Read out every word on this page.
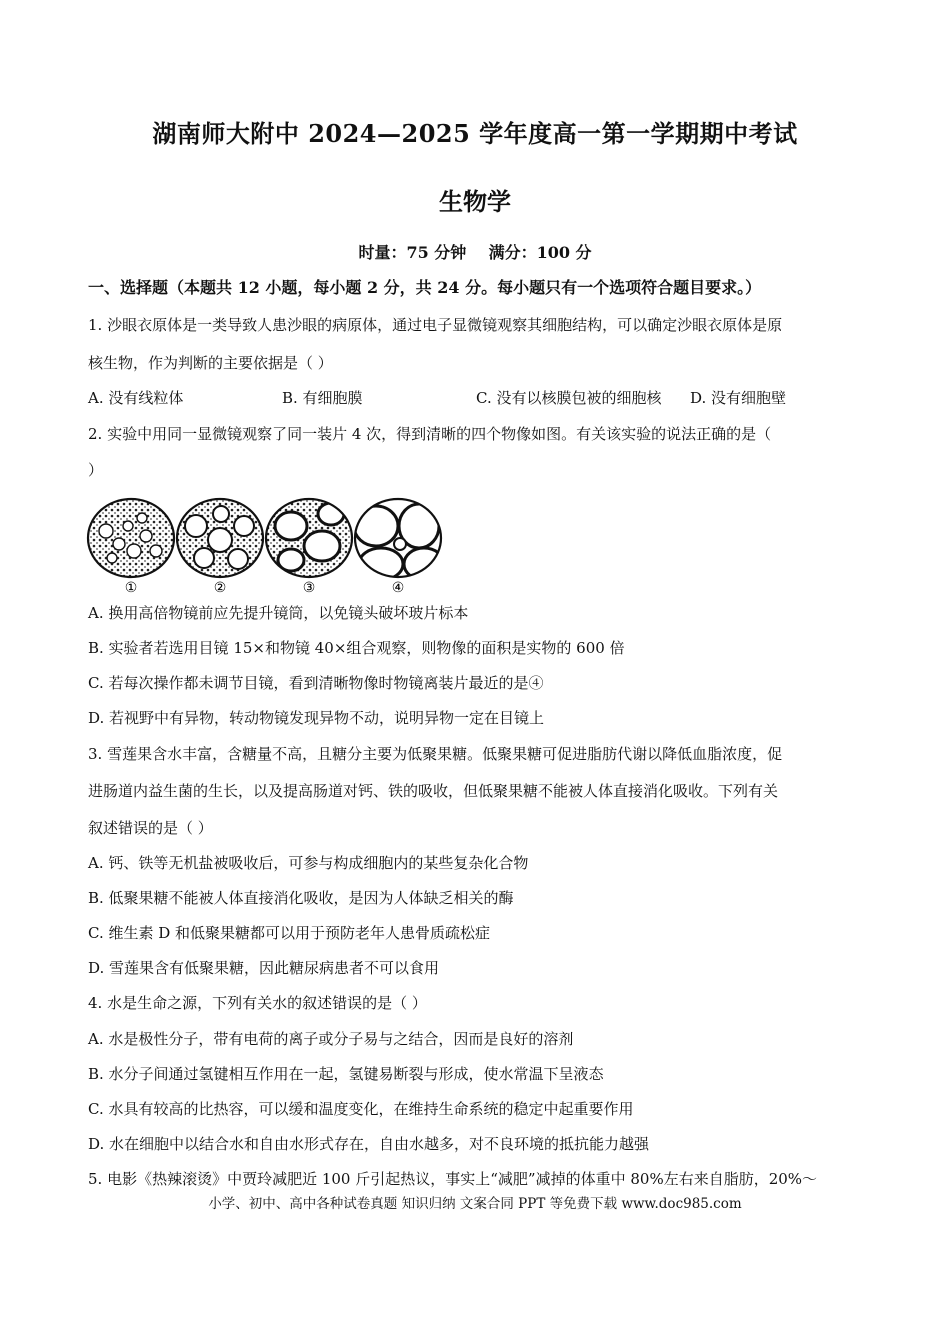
湖南师大附中 2024—2025 学年度高一第一学期期中考试
生物学
时量：75 分钟    满分：100 分
一、选择题（本题共 12 小题，每小题 2 分，共 24 分。每小题只有一个选项符合题目要求。）
1. 沙眼衣原体是一类导致人患沙眼的病原体，通过电子显微镜观察其细胞结构，可以确定沙眼衣原体是原
核生物，作为判断的主要依据是（ ）
A. 没有线粒体	B. 有细胞膜	C. 没有以核膜包被的细胞核 D. 没有细胞壁
2. 实验中用同一显微镜观察了同一装片 4 次，得到清晰的四个物像如图。有关该实验的说法正确的是（
）
①	②	③	④
A. 换用高倍物镜前应先提升镜筒，以免镜头破坏玻片标本
B. 实验者若选用目镜 15×和物镜 40×组合观察，则物像的面积是实物的 600 倍
C. 若每次操作都未调节目镜，看到清晰物像时物镜离装片最近的是④
D. 若视野中有异物，转动物镜发现异物不动，说明异物一定在目镜上
3. 雪莲果含水丰富，含糖量不高，且糖分主要为低聚果糖。低聚果糖可促进脂肪代谢以降低血脂浓度，促
进肠道内益生菌的生长，以及提高肠道对钙、铁的吸收，但低聚果糖不能被人体直接消化吸收。下列有关
叙述错误的是（ ）
A. 钙、铁等无机盐被吸收后，可参与构成细胞内的某些复杂化合物
B. 低聚果糖不能被人体直接消化吸收，是因为人体缺乏相关的酶
C. 维生素 D 和低聚果糖都可以用于预防老年人患骨质疏松症
D. 雪莲果含有低聚果糖，因此糖尿病患者不可以食用
4. 水是生命之源，下列有关水的叙述错误的是（ ）
A. 水是极性分子，带有电荷的离子或分子易与之结合，因而是良好的溶剂
B. 水分子间通过氢键相互作用在一起，氢键易断裂与形成，使水常温下呈液态
C. 水具有较高的比热容，可以缓和温度变化，在维持生命系统的稳定中起重要作用
D. 水在细胞中以结合水和自由水形式存在，自由水越多，对不良环境的抵抗能力越强
5. 电影《热辣滚烫》中贾玲减肥近 100 斤引起热议，事实上“减肥”减掉的体重中 80%左右来自脂肪，20%～
小学、初中、高中各种试卷真题 知识归纳 文案合同 PPT 等免费下载 www.doc985.com
